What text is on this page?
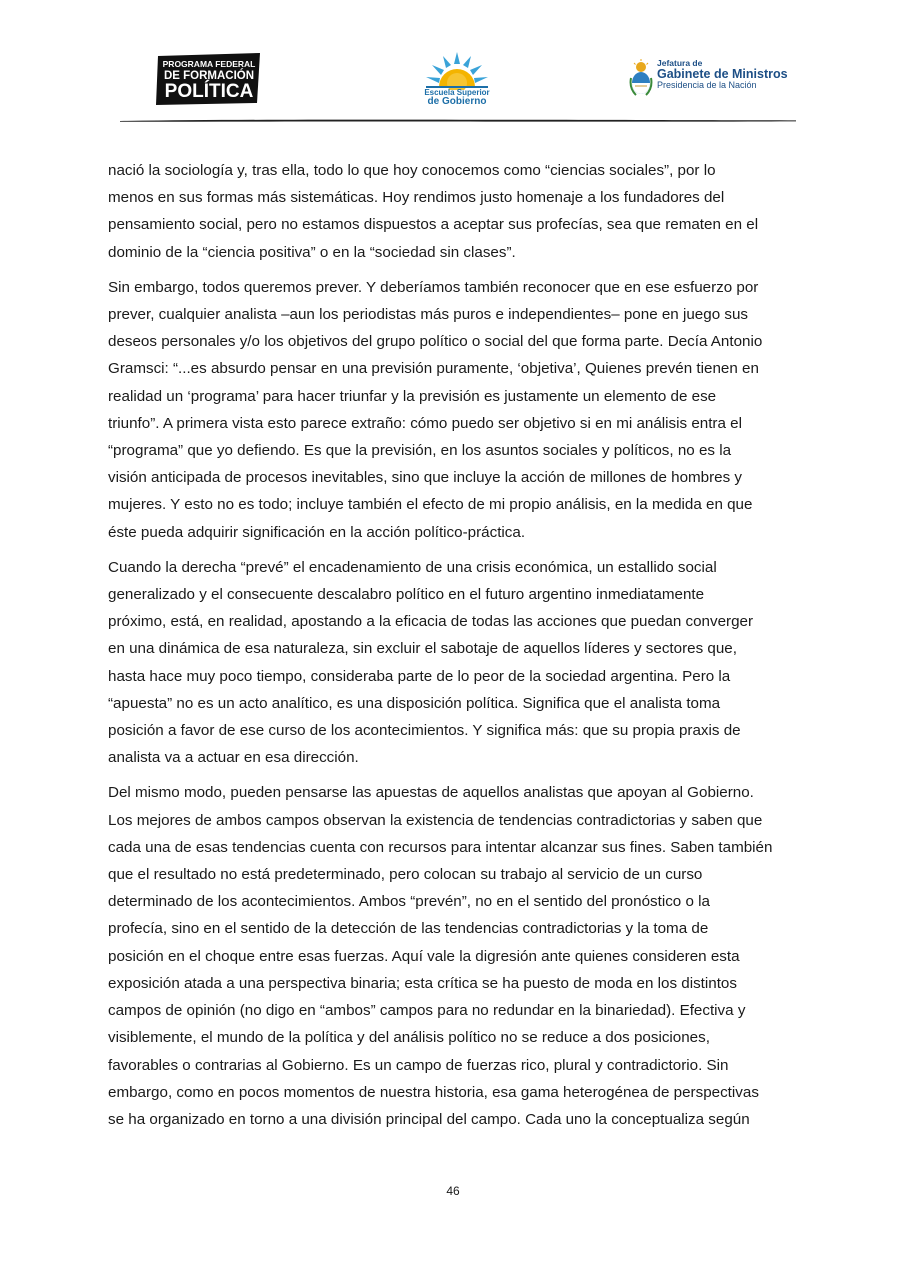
PROGRAMA FEDERAL
DE FORMACIÓN
POLÍTICA	Escuela Superior
de Gobierno
Jefatura de
Gabinete de Ministros
Presidencia de la Nación

nació la sociología y, tras ella, todo lo que hoy conocemos como “ciencias sociales”, por lo
menos en sus formas más sistemáticas. Hoy rendimos justo homenaje a los fundadores del
pensamiento social, pero no estamos dispuestos a aceptar sus profecías, sea que rematen en el
dominio de la “ciencia positiva” o en la “sociedad sin clases”.

Sin embargo, todos queremos prever. Y deberíamos también reconocer que en ese esfuerzo por
prever, cualquier analista –aun los periodistas más puros e independientes– pone en juego sus
deseos personales y/o los objetivos del grupo político o social del que forma parte. Decía Antonio
Gramsci: “...es absurdo pensar en una previsión puramente, ‘objetiva’, Quienes prevén tienen en
realidad un ‘programa’ para hacer triunfar y la previsión es justamente un elemento de ese
triunfo”. A primera vista esto parece extraño: cómo puedo ser objetivo si en mi análisis entra el
“programa” que yo defiendo. Es que la previsión, en los asuntos sociales y políticos, no es la
visión anticipada de procesos inevitables, sino que incluye la acción de millones de hombres y
mujeres. Y esto no es todo; incluye también el efecto de mi propio análisis, en la medida en que
éste pueda adquirir significación en la acción político-práctica.

Cuando la derecha “prevé” el encadenamiento de una crisis económica, un estallido social
generalizado y el consecuente descalabro político en el futuro argentino inmediatamente
próximo, está, en realidad, apostando a la eficacia de todas las acciones que puedan converger
en una dinámica de esa naturaleza, sin excluir el sabotaje de aquellos líderes y sectores que,
hasta hace muy poco tiempo, consideraba parte de lo peor de la sociedad argentina. Pero la
“apuesta” no es un acto analítico, es una disposición política. Significa que el analista toma
posición a favor de ese curso de los acontecimientos. Y significa más: que su propia praxis de
analista va a actuar en esa dirección.

Del mismo modo, pueden pensarse las apuestas de aquellos analistas que apoyan al Gobierno.
Los mejores de ambos campos observan la existencia de tendencias contradictorias y saben que
cada una de esas tendencias cuenta con recursos para intentar alcanzar sus fines. Saben también
que el resultado no está predeterminado, pero colocan su trabajo al servicio de un curso
determinado de los acontecimientos. Ambos “prevén”, no en el sentido del pronóstico o la
profecía, sino en el sentido de la detección de las tendencias contradictorias y la toma de
posición en el choque entre esas fuerzas. Aquí vale la digresión ante quienes consideren esta
exposición atada a una perspectiva binaria; esta crítica se ha puesto de moda en los distintos
campos de opinión (no digo en “ambos” campos para no redundar en la binariedad). Efectiva y
visiblemente, el mundo de la política y del análisis político no se reduce a dos posiciones,
favorables o contrarias al Gobierno. Es un campo de fuerzas rico, plural y contradictorio. Sin
embargo, como en pocos momentos de nuestra historia, esa gama heterogénea de perspectivas
se ha organizado en torno a una división principal del campo. Cada uno la conceptualiza según

46
